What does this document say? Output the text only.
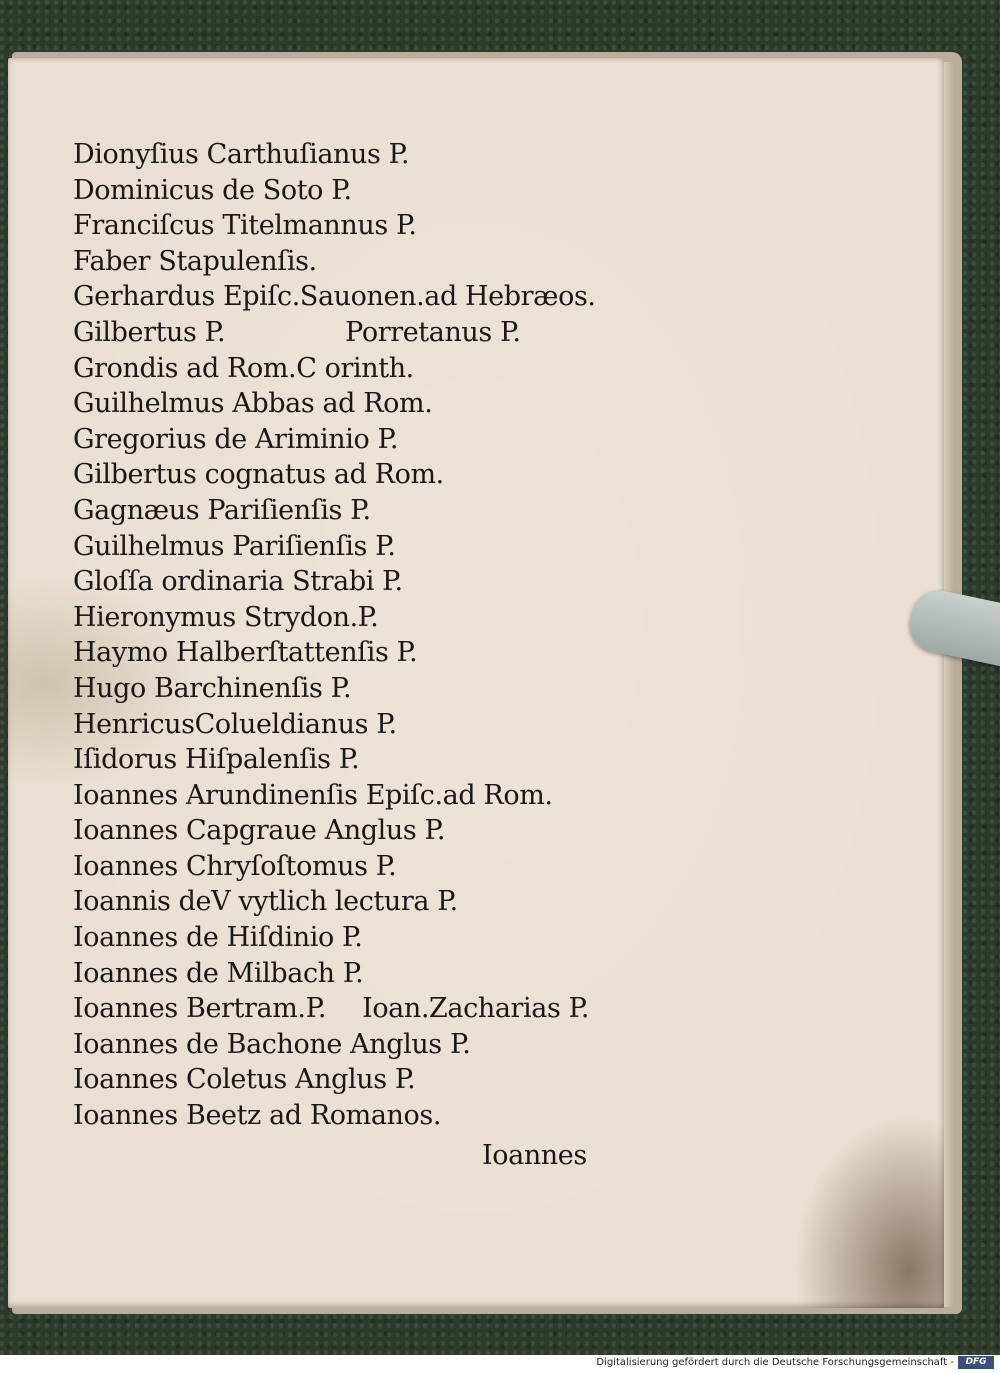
Dionyſius Carthuſianus P.
Dominicus de Soto P.
Franciſcus Titelmannus P.
Faber Stapulenſis.
Gerhardus Epiſc.Sauonen.ad Hebræos.
Gilbertus P.	Porretanus P.
Grondis ad Rom.C orinth.
Guilhelmus Abbas ad Rom.
Gregorius de Ariminio P.
Gilbertus cognatus ad Rom.
Gagnæus Pariſienſis P.
Guilhelmus Pariſienſis P.
Gloſſa ordinaria Strabi P.
Hieronymus Strydon.P.
Haymo Halberſtattenſis P.
Hugo Barchinenſis P.
HenricusColueldianus P.
Iſidorus Hiſpalenſis P.
Ioannes Arundinenſis Epiſc.ad Rom.
Ioannes Capgraue Anglus P.
Ioannes Chryſoſtomus P.
Ioannis deV vytlich lectura P.
Ioannes de Hiſdinio P.
Ioannes de Milbach P.
Ioannes Bertram.P. Ioan.Zacharias P.
Ioannes de Bachone Anglus P.
Ioannes Coletus Anglus P.
Ioannes Beetz ad Romanos.
Ioannes
Digitalisierung gefördert durch die Deutsche Forschungsgemeinschaft -	DFG
